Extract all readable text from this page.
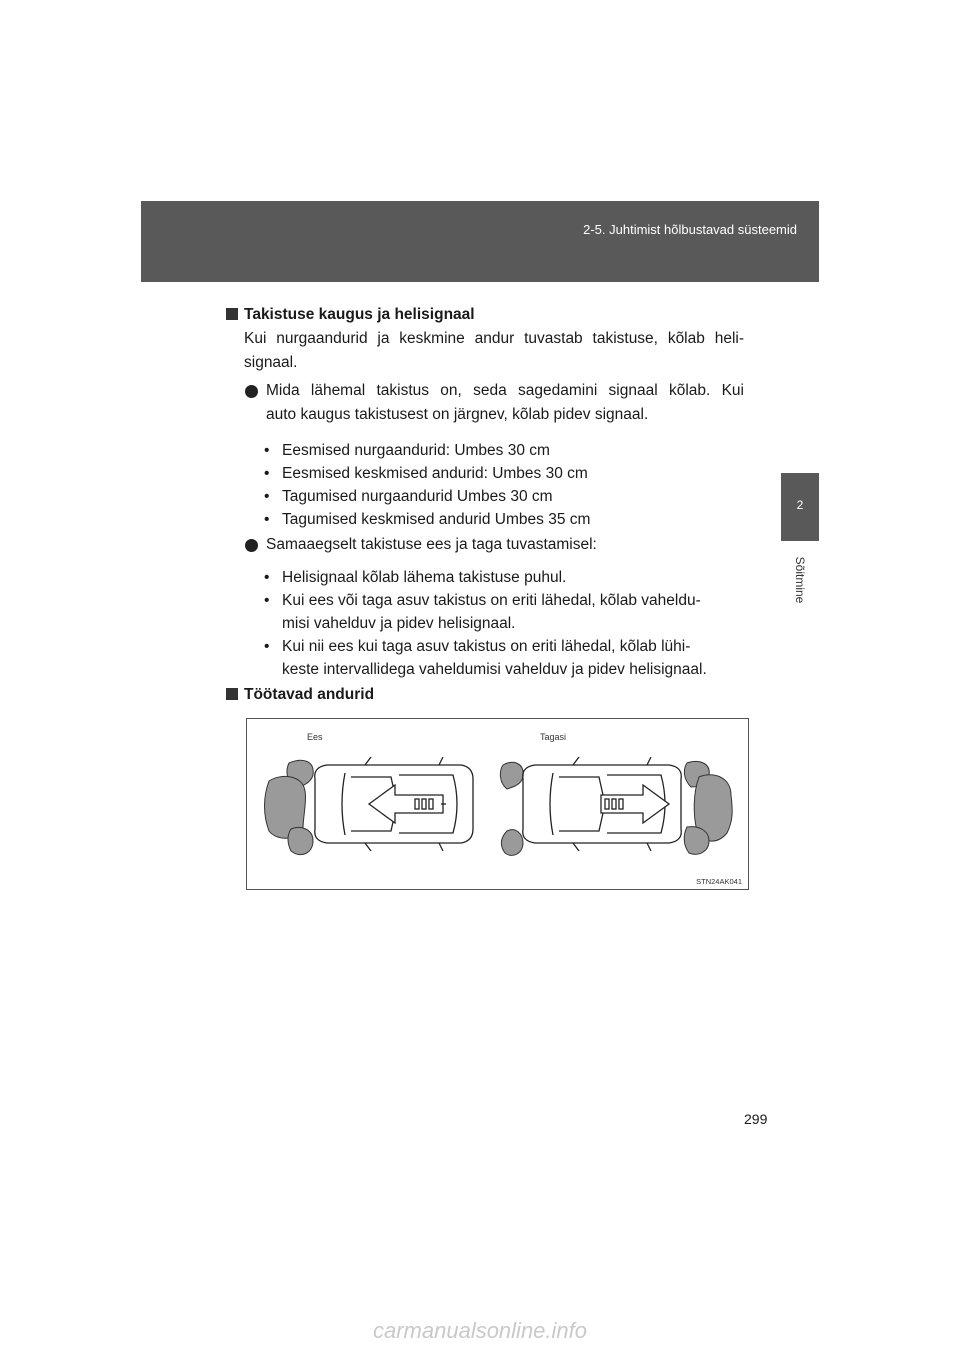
2-5. Juhtimist hõlbustavad süsteemid
2
Sõitmine
Takistuse kaugus ja helisignaal
Kui nurgaandurid ja keskmine andur tuvastab takistuse, kõlab heli-
signaal.
Mida lähemal takistus on, seda sagedamini signaal kõlab. Kui
auto kaugus takistusest on järgnev, kõlab pidev signaal.
• Eesmised nurgaandurid: Umbes 30 cm
• Eesmised keskmised andurid: Umbes 30 cm
• Tagumised nurgaandurid Umbes 30 cm
• Tagumised keskmised andurid Umbes 35 cm
Samaaegselt takistuse ees ja taga tuvastamisel:
• Helisignaal kõlab lähema takistuse puhul.
• Kui ees või taga asuv takistus on eriti lähedal, kõlab vaheldu-
misi vahelduv ja pidev helisignaal.
• Kui nii ees kui taga asuv takistus on eriti lähedal, kõlab lühi-
keste intervallidega vaheldumisi vahelduv ja pidev helisignaal.
Töötavad andurid
Ees	Tagasi
STN24AK041
299
carmanualsonline.info
